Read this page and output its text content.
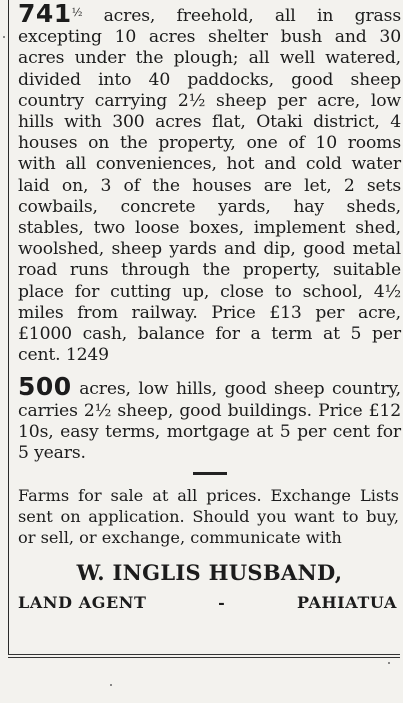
$741^{\frac{1}{2}}$ acres, freehold, all in grass excepting 10 acres shelter bush and 30 acres under the plough; all well watered, divided into 40 paddocks, good sheep country carrying 2½ sheep per acre, low hills with 300 acres flat, Otaki district, 4 houses on the property, one of 10 rooms with all conveniences, hot and cold water laid on, 3 of the houses are let, 2 sets cowbails, concrete yards, hay sheds, stables, two loose boxes, implement shed, woolshed, sheep yards and dip, good metal road runs through the property, suitable place for cutting up, close to school, 4½ miles from railway. Price £13 per acre, £1000 cash, balance for a term at 5 per cent. 1249

500 acres, low hills, good sheep country, carries 2½ sheep, good buildings. Price £12 10s, easy terms, mortgage at 5 per cent for 5 years.

Farms for sale at all prices. Exchange Lists sent on application. Should you want to buy, or sell, or exchange, communicate with

W. INGLIS HUSBAND,
LAND AGENT	-	PAHIATUA
